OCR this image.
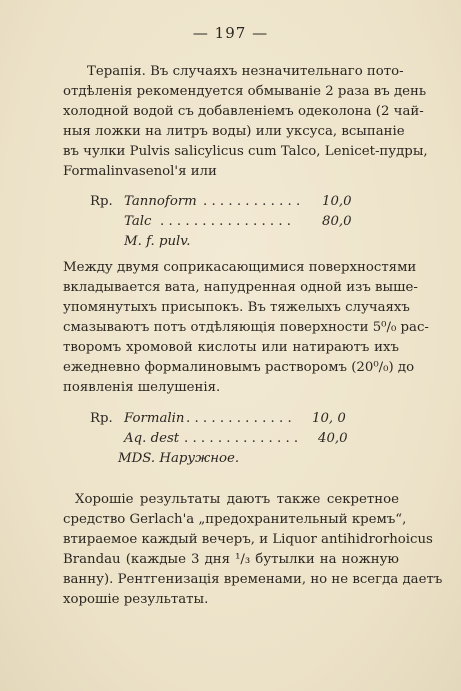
— 197 —
Терапія. Въ случаяхъ незначительнаго пото-
отдѣленія рекомендуется обмываніе 2 раза въ день
холодной водой съ добавленіемъ одеколона (2 чай-
ныя ложки на литръ воды) или уксуса, всыпаніе
въ чулки Pulvis salicylicus cum Talco, Lenicet-пудры,
Formalinvasenol'я или
Rp. Tannoform . . . . . . . . . . . . 10,0
Talc . . . . . . . . . . . . . . . . 80,0
M. f. pulv.
Между двумя соприкасающимися поверхностями
вкладывается вата, напудренная одной изъ выше-
упомянутыхъ присыпокъ. Въ тяжелыхъ случаяхъ
смазываютъ потъ отдѣляющія поверхности 5⁰/₀ рас-
творомъ хромовой кислоты или натираютъ ихъ
ежедневно формалиновымъ растворомъ (20⁰/₀) до
появленія шелушенія.
Rp. Formalin . . . . . . . . . . . . . 10, 0
Aq. dest . . . . . . . . . . . . . . 40,0
MDS. Наружное.
Хорошіе результаты даютъ также секретное
средство Gerlach'a „предохранительный кремъ“,
втираемое каждый вечеръ, и Liquor antihidrorhoicus
Brandau (каждые 3 дня ¹/₃ бутылки на ножную
ванну). Рентгенизація временами, но не всегда даетъ
хорошіе результаты.
